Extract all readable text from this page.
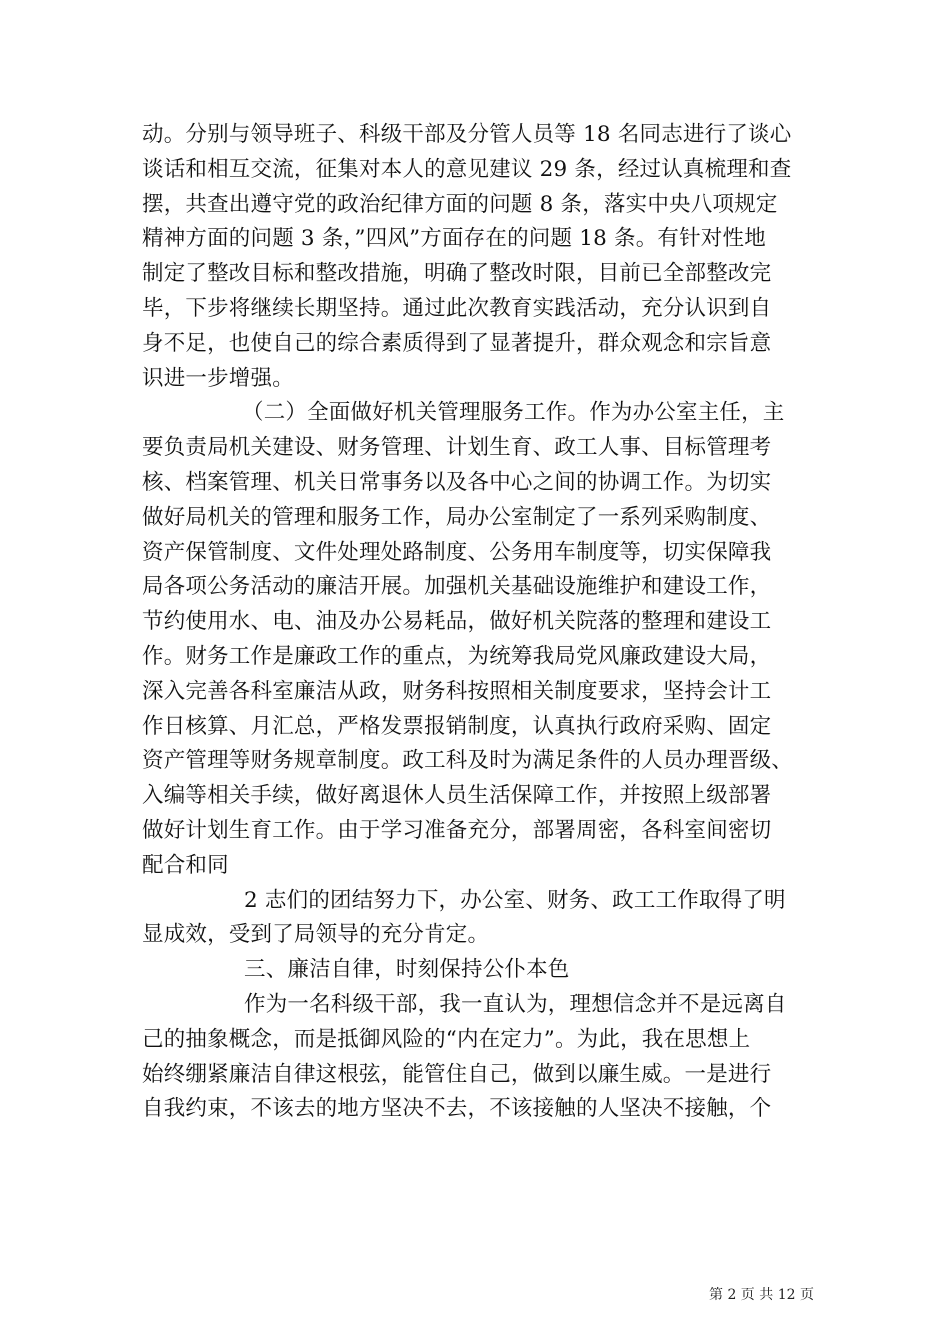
动。分别与领导班子、科级干部及分管人员等 18 名同志进行了谈心
谈话和相互交流，征集对本人的意见建议 29 条，经过认真梳理和查
摆，共查出遵守党的政治纪律方面的问题 8 条，落实中央八项规定
精神方面的问题 3 条，”四风”方面存在的问题 18 条。有针对性地
制定了整改目标和整改措施，明确了整改时限，目前已全部整改完
毕，下步将继续长期坚持。通过此次教育实践活动，充分认识到自
身不足，也使自己的综合素质得到了显著提升，群众观念和宗旨意
识进一步增强。
（二）全面做好机关管理服务工作。作为办公室主任，主
要负责局机关建设、财务管理、计划生育、政工人事、目标管理考
核、档案管理、机关日常事务以及各中心之间的协调工作。为切实
做好局机关的管理和服务工作，局办公室制定了一系列采购制度、
资产保管制度、文件处理处路制度、公务用车制度等，切实保障我
局各项公务活动的廉洁开展。加强机关基础设施维护和建设工作，
节约使用水、电、油及办公易耗品，做好机关院落的整理和建设工
作。财务工作是廉政工作的重点，为统筹我局党风廉政建设大局，
深入完善各科室廉洁从政，财务科按照相关制度要求，坚持会计工
作日核算、月汇总，严格发票报销制度，认真执行政府采购、固定
资产管理等财务规章制度。政工科及时为满足条件的人员办理晋级、
入编等相关手续，做好离退休人员生活保障工作，并按照上级部署
做好计划生育工作。由于学习准备充分，部署周密，各科室间密切
配合和同
2 志们的团结努力下，办公室、财务、政工工作取得了明
显成效，受到了局领导的充分肯定。
三、廉洁自律，时刻保持公仆本色
作为一名科级干部，我一直认为，理想信念并不是远离自
己的抽象概念，而是抵御风险的“内在定力”。为此，我在思想上
始终绷紧廉洁自律这根弦，能管住自己，做到以廉生威。一是进行
自我约束，不该去的地方坚决不去，不该接触的人坚决不接触，个
第 2 页 共 12 页
